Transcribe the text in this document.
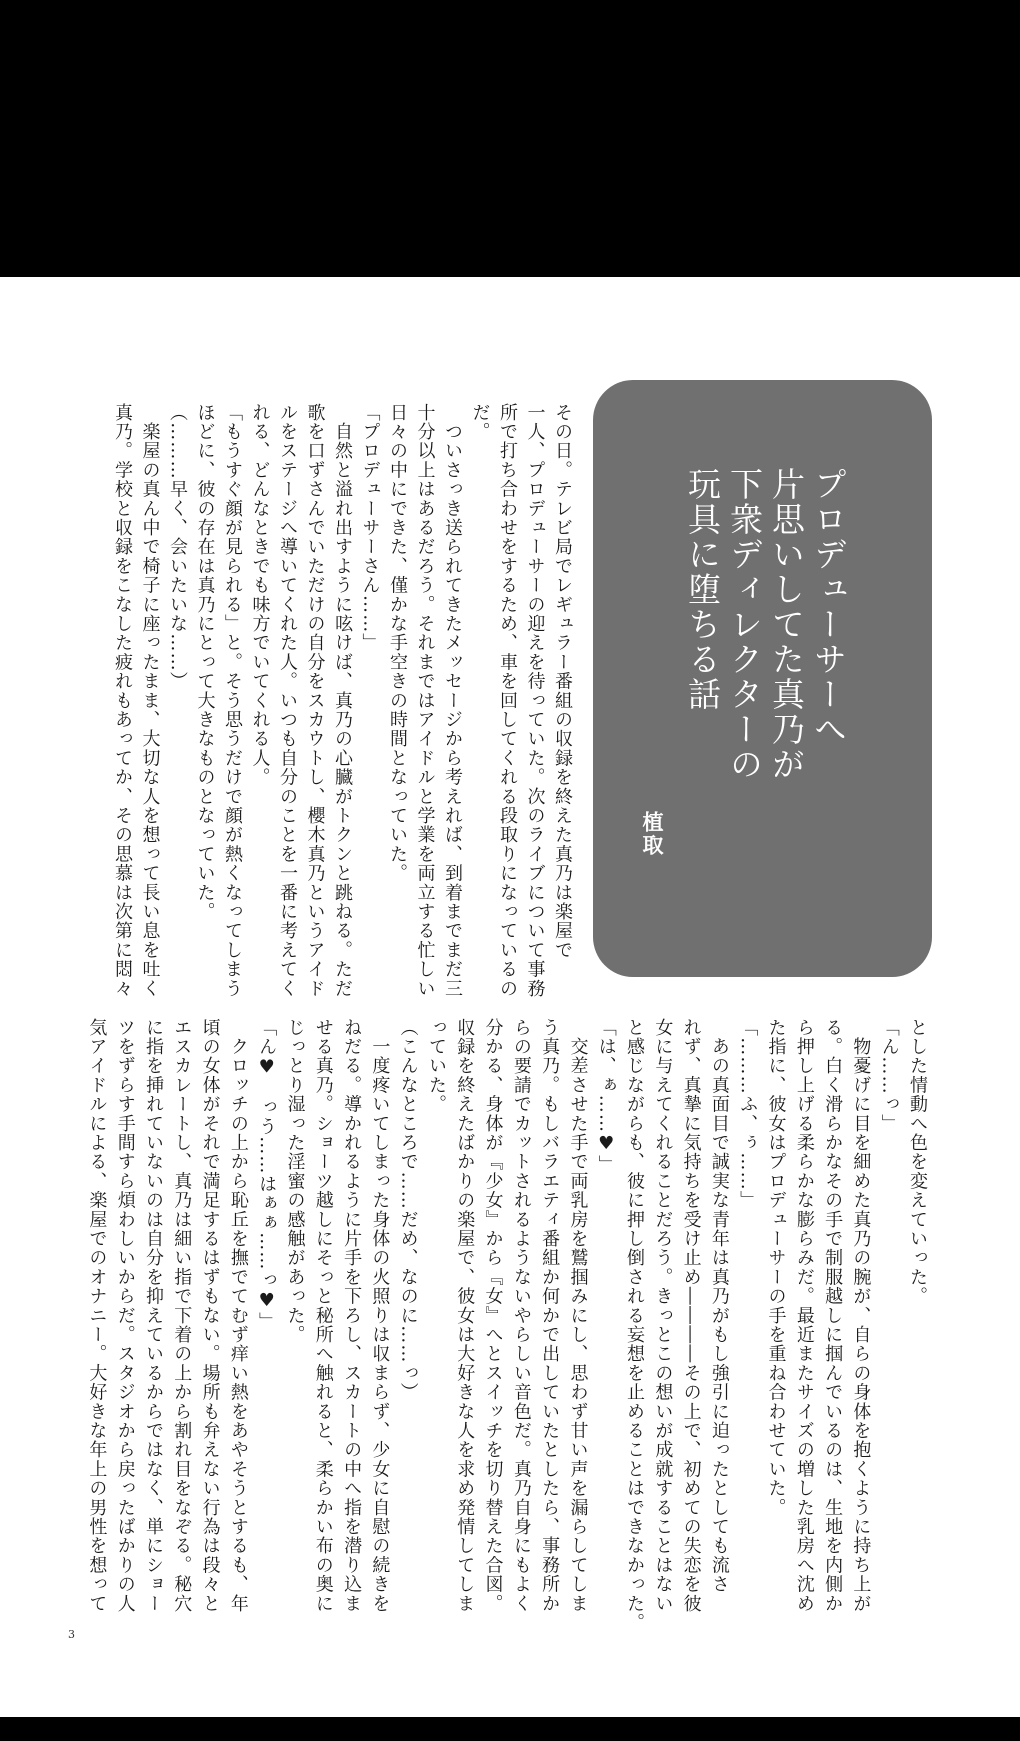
プロデューサーへ
片思いしてた真乃が
下衆ディレクターの
玩具に堕ちる話
植取
その日。テレビ局でレギュラー番組の収録を終えた真乃は楽屋で
一人、プロデューサーの迎えを待っていた。次のライブについて事務
所で打ち合わせをするため、車を回してくれる段取りになっているの
だ。
　ついさっき送られてきたメッセージから考えれば、到着までまだ三
十分以上はあるだろう。それまではアイドルと学業を両立する忙しい
日々の中にできた、僅かな手空きの時間となっていた。
「プロデューサーさん……」
　自然と溢れ出すように呟けば、真乃の心臓がトクンと跳ねる。ただ
歌を口ずさんでいただけの自分をスカウトし、櫻木真乃というアイド
ルをステージへ導いてくれた人。いつも自分のことを一番に考えてく
れる、どんなときでも味方でいてくれる人。
「もうすぐ顔が見られる」と。そう思うだけで顔が熱くなってしまう
ほどに、彼の存在は真乃にとって大きなものとなっていた。
（………早く、会いたいな……）
　楽屋の真ん中で椅子に座ったまま、大切な人を想って長い息を吐く
真乃。学校と収録をこなした疲れもあってか、その思慕は次第に悶々
とした情動へ色を変えていった。
「ん……っ」
　物憂げに目を細めた真乃の腕が、自らの身体を抱くように持ち上が
る。白く滑らかなその手で制服越しに掴んでいるのは、生地を内側か
ら押し上げる柔らかな膨らみだ。最近またサイズの増した乳房へ沈め
た指に、彼女はプロデューサーの手を重ね合わせていた。
「………ふ、ぅ……」
　あの真面目で誠実な青年は真乃がもし強引に迫ったとしても流さ
れず、真摯に気持ちを受け止め――――その上で、初めての失恋を彼
女に与えてくれることだろう。きっとこの想いが成就することはない
と感じながらも、彼に押し倒される妄想を止めることはできなかった。
「は、ぁ……♥」
　交差させた手で両乳房を鷲掴みにし、思わず甘い声を漏らしてしま
う真乃。もしバラエティ番組か何かで出していたとしたら、事務所か
らの要請でカットされるようないやらしい音色だ。真乃自身にもよく
分かる、身体が『少女』から『女』へとスイッチを切り替えた合図。
収録を終えたばかりの楽屋で、彼女は大好きな人を求め発情してしま
っていた。
（こんなところで……だめ、なのに……っ）
　一度疼いてしまった身体の火照りは収まらず、少女に自慰の続きを
ねだる。導かれるように片手を下ろし、スカートの中へ指を潜り込ま
せる真乃。ショーツ越しにそっと秘所へ触れると、柔らかい布の奥に
じっとり湿った淫蜜の感触があった。
「ん♥　っう……はぁぁ……っ♥」
　クロッチの上から恥丘を撫でてむず痒い熱をあやそうとするも、年
頃の女体がそれで満足するはずもない。場所も弁えない行為は段々と
エスカレートし、真乃は細い指で下着の上から割れ目をなぞる。秘穴
に指を挿れていないのは自分を抑えているからではなく、単にショー
ツをずらす手間すら煩わしいからだ。スタジオから戻ったばかりの人
気アイドルによる、楽屋でのオナニー。大好きな年上の男性を想って
3
